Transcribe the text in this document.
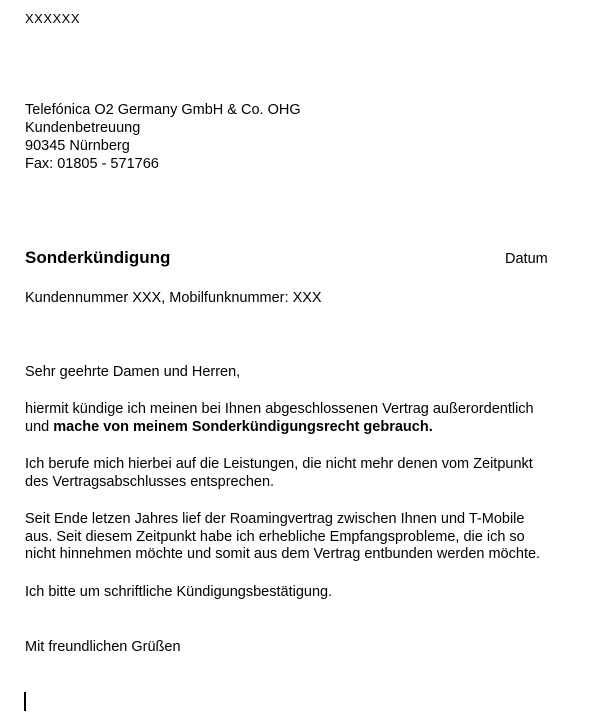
XXXXXX
Telefónica O2 Germany GmbH & Co. OHG
Kundenbetreuung
90345 Nürnberg
Fax: 01805 - 571766
Sonderkündigung	Datum
Kundennummer XXX, Mobilfunknummer: XXX
Sehr geehrte Damen und Herren,
hiermit kündige ich meinen bei Ihnen abgeschlossenen Vertrag außerordentlich
und mache von meinem Sonderkündigungsrecht gebrauch.
Ich berufe mich hierbei auf die Leistungen, die nicht mehr denen vom Zeitpunkt
des Vertragsabschlusses entsprechen.
Seit Ende letzen Jahres lief der Roamingvertrag zwischen Ihnen und T-Mobile
aus. Seit diesem Zeitpunkt habe ich erhebliche Empfangsprobleme, die ich so
nicht hinnehmen möchte und somit aus dem Vertrag entbunden werden möchte.
Ich bitte um schriftliche Kündigungsbestätigung.
Mit freundlichen Grüßen
